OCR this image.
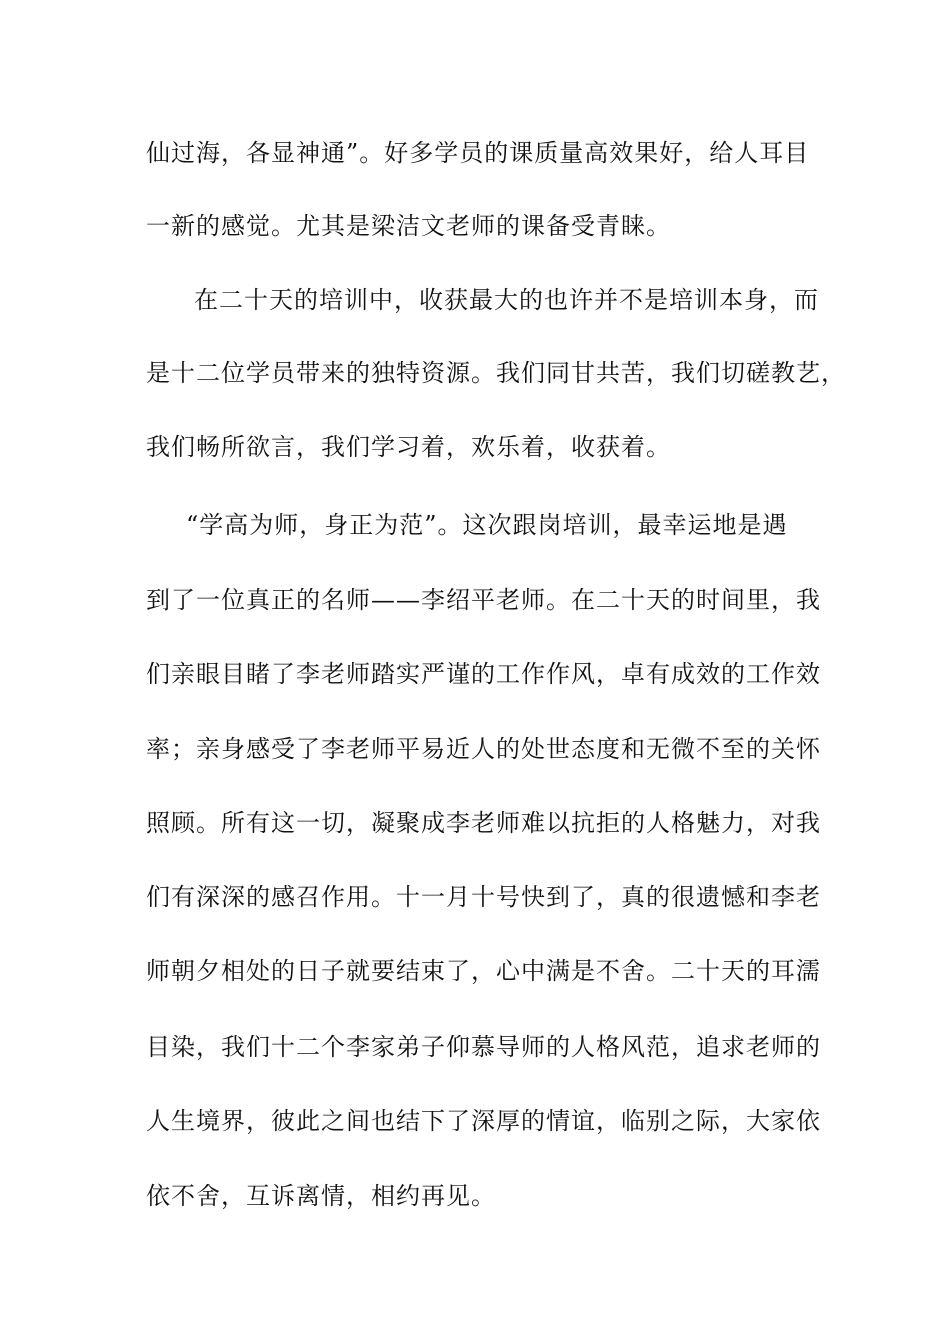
仙过海，各显神通”。好多学员的课质量高效果好，给人耳目
一新的感觉。尤其是梁洁文老师的课备受青睐。
在二十天的培训中，收获最大的也许并不是培训本身，而
是十二位学员带来的独特资源。我们同甘共苦，我们切磋教艺，
我们畅所欲言，我们学习着，欢乐着，收获着。
“学高为师，身正为范”。这次跟岗培训，最幸运地是遇
到了一位真正的名师——李绍平老师。在二十天的时间里，我
们亲眼目睹了李老师踏实严谨的工作作风，卓有成效的工作效
率；亲身感受了李老师平易近人的处世态度和无微不至的关怀
照顾。所有这一切，凝聚成李老师难以抗拒的人格魅力，对我
们有深深的感召作用。十一月十号快到了，真的很遗憾和李老
师朝夕相处的日子就要结束了，心中满是不舍。二十天的耳濡
目染，我们十二个李家弟子仰慕导师的人格风范，追求老师的
人生境界，彼此之间也结下了深厚的情谊，临别之际，大家依
依不舍，互诉离情，相约再见。
